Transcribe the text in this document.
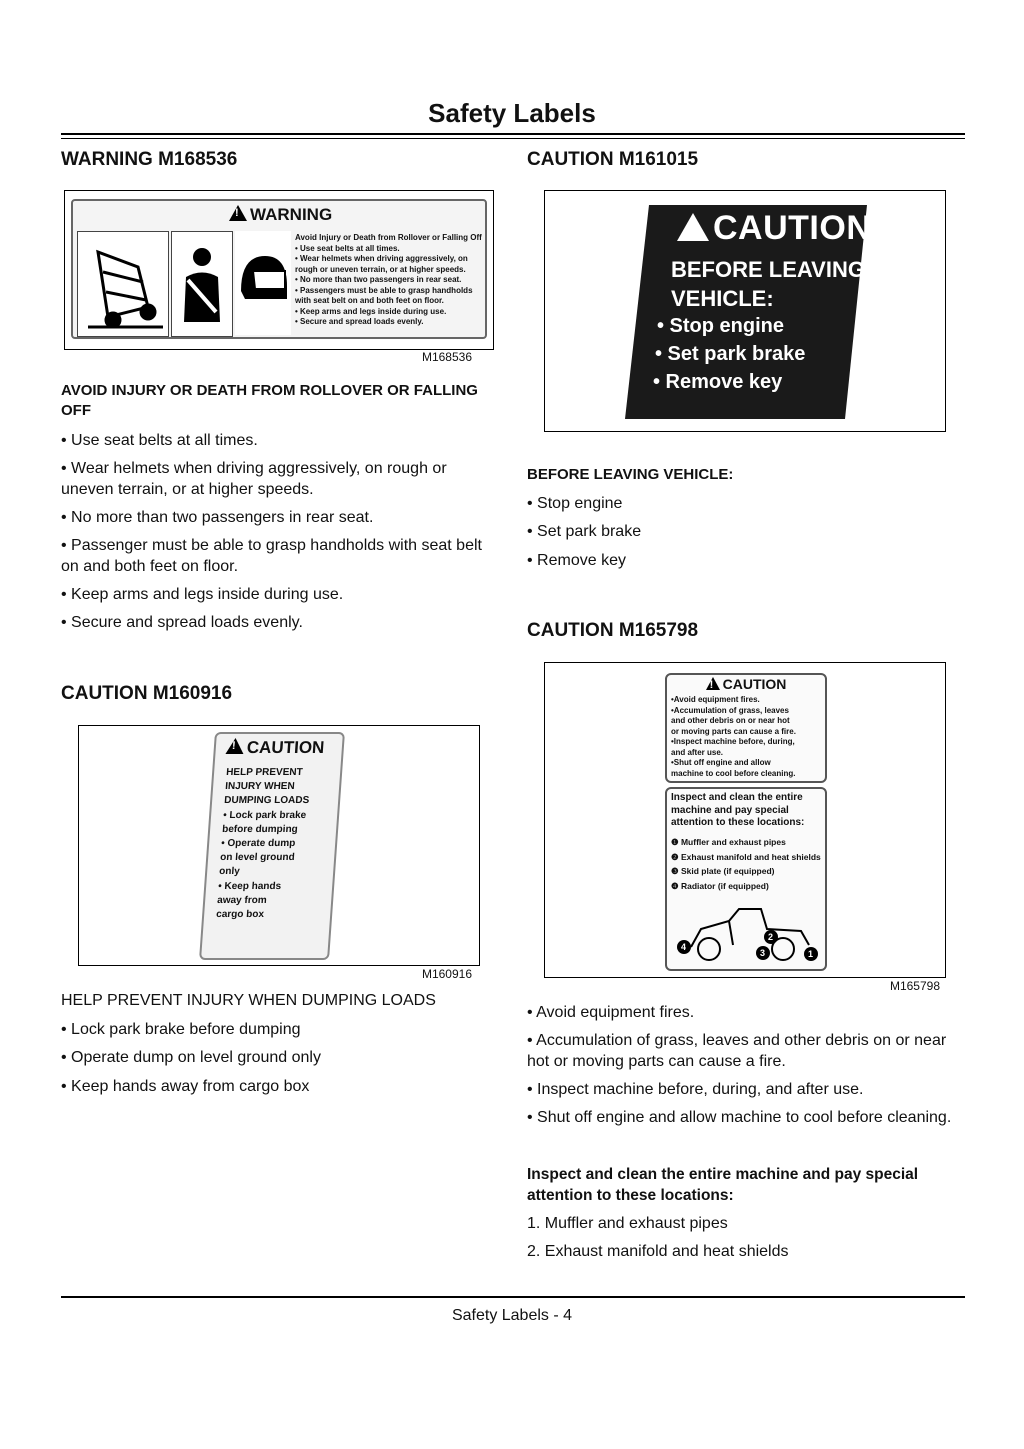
Safety Labels
WARNING M168536
!WARNING
Avoid Injury or Death from Rollover or Falling Off
• Use seat belts at all times.
• Wear helmets when driving aggressively, on
rough or uneven terrain, or at higher speeds.
• No more than two passengers in rear seat.
• Passengers must be able to grasp handholds
with seat belt on and both feet on floor.
• Keep arms and legs inside during use.
• Secure and spread loads evenly.
M168536
AVOID INJURY OR DEATH FROM ROLLOVER OR FALLING OFF
• Use seat belts at all times.
• Wear helmets when driving aggressively, on rough or uneven terrain, or at higher speeds.
• No more than two passengers in rear seat.
• Passenger must be able to grasp handholds with seat belt on and both feet on floor.
• Keep arms and legs inside during use.
• Secure and spread loads evenly.
CAUTION M160916
!CAUTION
HELP PREVENT
INJURY WHEN
DUMPING LOADS
• Lock park brake
before dumping
• Operate dump
on level ground
only
• Keep hands
away from
cargo box
M160916
HELP PREVENT INJURY WHEN DUMPING LOADS
• Lock park brake before dumping
• Operate dump on level ground only
• Keep hands away from cargo box
CAUTION M161015
CAUTION
BEFORE LEAVING
VEHICLE:
• Stop engine
• Set park brake
• Remove key
BEFORE LEAVING VEHICLE:
• Stop engine
• Set park brake
• Remove key
CAUTION M165798
!CAUTION
•Avoid equipment fires.
•Accumulation of grass, leaves
and other debris on or near hot
or moving parts can cause a fire.
•Inspect machine before, during,
and after use.
•Shut off engine and allow
machine to cool before cleaning.
Inspect and clean the entire
machine and pay special
attention to these locations:
❶ Muffler and exhaust pipes
❷ Exhaust manifold and heat shields
❸ Skid plate (if equipped)
❹ Radiator (if equipped)
4
2
3	1
M165798
• Avoid equipment fires.
• Accumulation of grass, leaves and other debris on or near hot or moving parts can cause a fire.
• Inspect machine before, during, and after use.
• Shut off engine and allow machine to cool before cleaning.
Inspect and clean the entire machine and pay special attention to these locations:
1. Muffler and exhaust pipes
2. Exhaust manifold and heat shields
Safety Labels - 4
